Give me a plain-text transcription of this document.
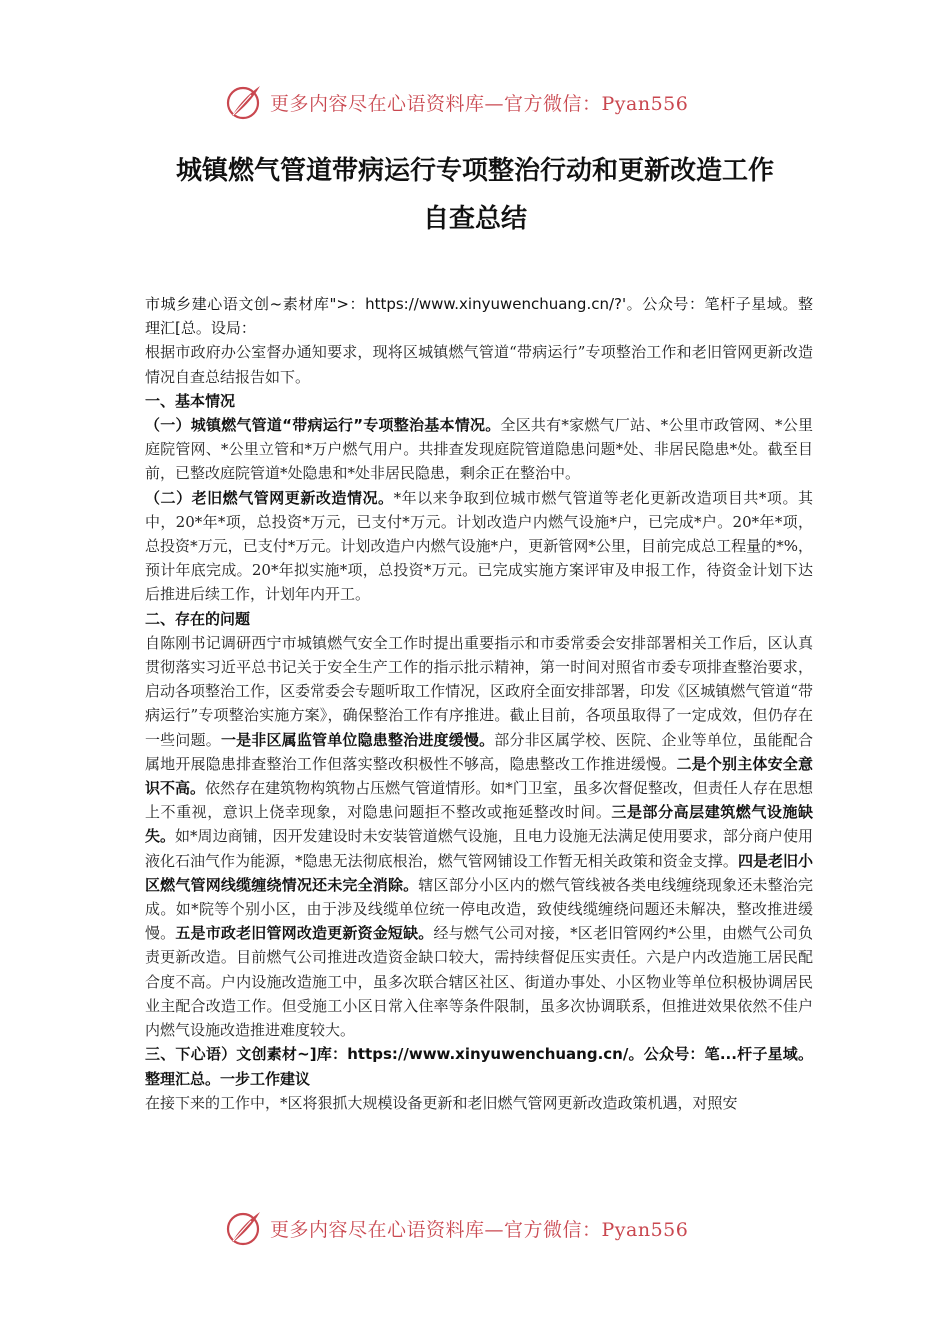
更多内容尽在心语资料库—官方微信：Pyan556
城镇燃气管道带病运行专项整治行动和更新改造工作
自查总结

市城乡建心语文创~素材库">：https://www.xinyuwenchuang.cn/?'。公众号：笔杆子星域。整理汇[总。设局：

根据市政府办公室督办通知要求，现将区城镇燃气管道“带病运行”专项整治工作和老旧管网更新改造情况自查总结报告如下。

一、基本情况

（一）城镇燃气管道“带病运行”专项整治基本情况。全区共有*家燃气厂站、*公里市政管网、*公里庭院管网、*公里立管和*万户燃气用户。共排查发现庭院管道隐患问题*处、非居民隐患*处。截至目前，已整改庭院管道*处隐患和*处非居民隐患，剩余正在整治中。

（二）老旧燃气管网更新改造情况。*年以来争取到位城市燃气管道等老化更新改造项目共*项。其中，20*年*项，总投资*万元，已支付*万元。计划改造户内燃气设施*户，已完成*户。20*年*项，总投资*万元，已支付*万元。计划改造户内燃气设施*户，更新管网*公里，目前完成总工程量的*%，预计年底完成。20*年拟实施*项，总投资*万元。已完成实施方案评审及申报工作，待资金计划下达后推进后续工作，计划年内开工。

二、存在的问题

自陈刚书记调研西宁市城镇燃气安全工作时提出重要指示和市委常委会安排部署相关工作后，区认真贯彻落实习近平总书记关于安全生产工作的指示批示精神，第一时间对照省市委专项排查整治要求，启动各项整治工作，区委常委会专题听取工作情况，区政府全面安排部署，印发《区城镇燃气管道“带病运行”专项整治实施方案》，确保整治工作有序推进。截止目前，各项虽取得了一定成效，但仍存在一些问题。一是非区属监管单位隐患整治进度缓慢。部分非区属学校、医院、企业等单位，虽能配合属地开展隐患排查整治工作但落实整改积极性不够高，隐患整改工作推进缓慢。二是个别主体安全意识不高。依然存在建筑物构筑物占压燃气管道情形。如*门卫室，虽多次督促整改，但责任人存在思想上不重视，意识上侥幸现象，对隐患问题拒不整改或拖延整改时间。三是部分高层建筑燃气设施缺失。如*周边商铺，因开发建设时未安装管道燃气设施，且电力设施无法满足使用要求，部分商户使用液化石油气作为能源，*隐患无法彻底根治，燃气管网铺设工作暂无相关政策和资金支撑。四是老旧小区燃气管网线缆缠绕情况还未完全消除。辖区部分小区内的燃气管线被各类电线缠绕现象还未整治完成。如*院等个别小区，由于涉及线缆单位统一停电改造，致使线缆缠绕问题还未解决，整改推进缓慢。五是市政老旧管网改造更新资金短缺。经与燃气公司对接，*区老旧管网约*公里，由燃气公司负责更新改造。目前燃气公司推进改造资金缺口较大，需持续督促压实责任。六是户内改造施工居民配合度不高。户内设施改造施工中，虽多次联合辖区社区、街道办事处、小区物业等单位积极协调居民业主配合改造工作。但受施工小区日常入住率等条件限制，虽多次协调联系，但推进效果依然不佳户内燃气设施改造推进难度较大。

三、下心语）文创素材~]库：https://www.xinyuwenchuang.cn/。公众号：笔...杆子星域。整理汇总。一步工作建议

在接下来的工作中，*区将狠抓大规模设备更新和老旧燃气管网更新改造政策机遇，对照安

更多内容尽在心语资料库—官方微信：Pyan556
